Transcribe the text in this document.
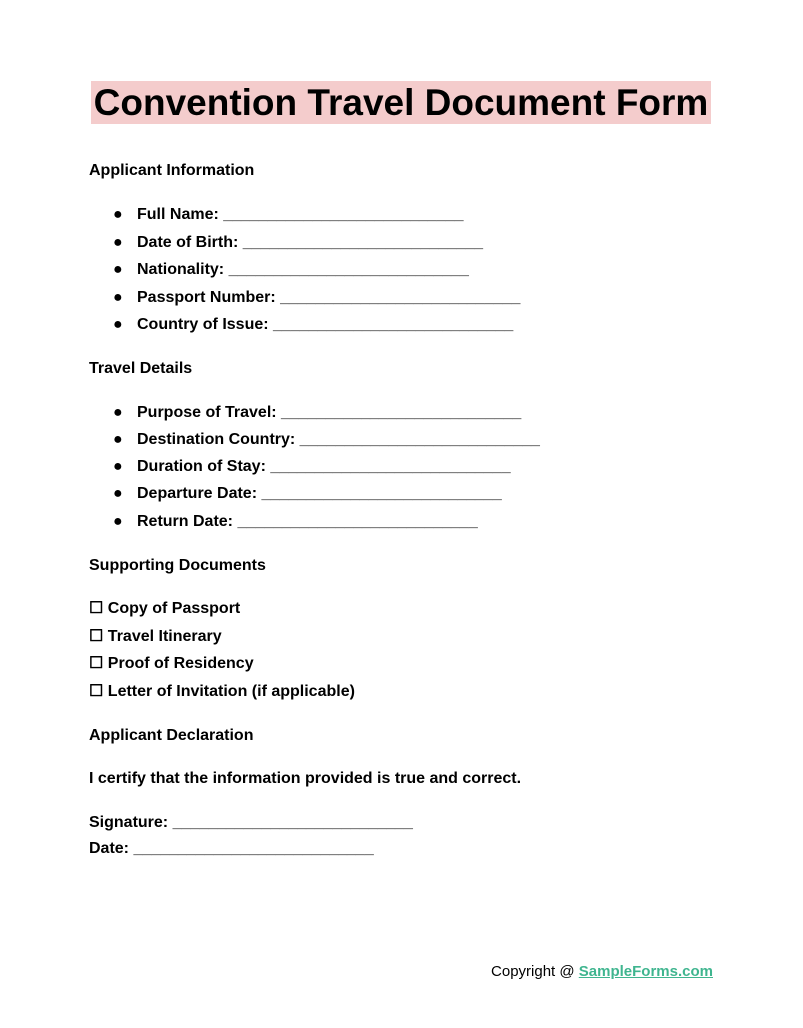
Convention Travel Document Form
Applicant Information
● Full Name: ___________________________
● Date of Birth: ___________________________
● Nationality: ___________________________
● Passport Number: ___________________________
● Country of Issue: ___________________________
Travel Details
● Purpose of Travel: ___________________________
● Destination Country: ___________________________
● Duration of Stay: ___________________________
● Departure Date: ___________________________
● Return Date: ___________________________
Supporting Documents
☐ Copy of Passport
☐ Travel Itinerary
☐ Proof of Residency
☐ Letter of Invitation (if applicable)
Applicant Declaration
I certify that the information provided is true and correct.
Signature: ___________________________
Date: ___________________________
Copyright @ SampleForms.com
